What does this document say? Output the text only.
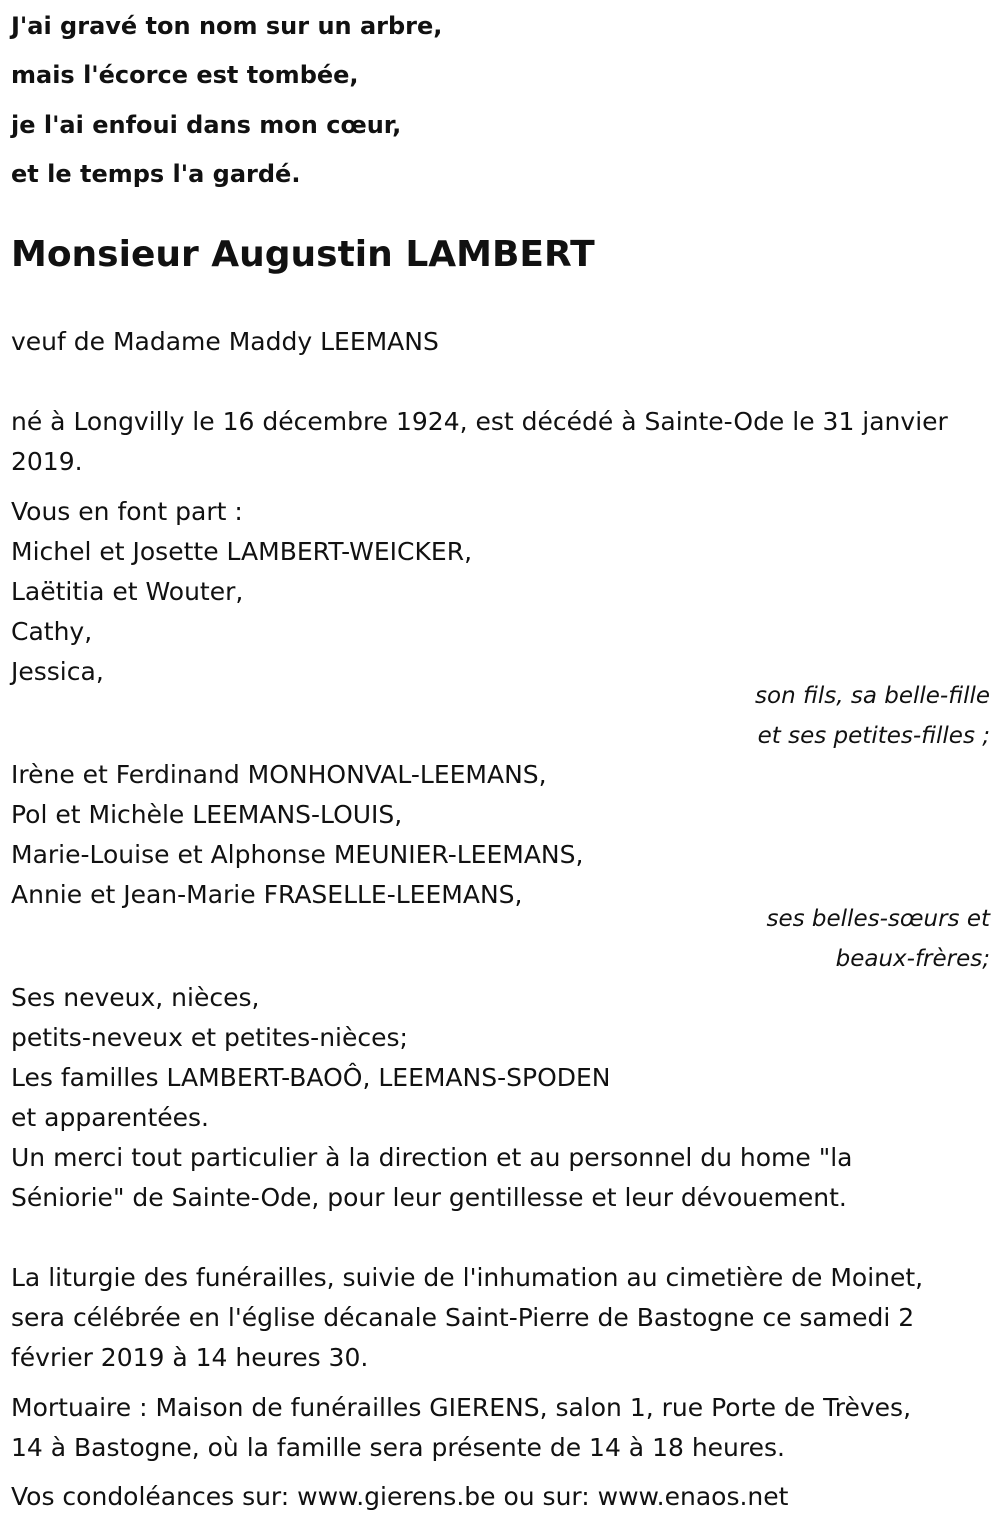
J'ai gravé ton nom sur un arbre,
mais l'écorce est tombée,
je l'ai enfoui dans mon cœur,
et le temps l'a gardé.
Monsieur Augustin LAMBERT
veuf de Madame Maddy LEEMANS
né à Longvilly le 16 décembre 1924, est décédé à Sainte-Ode le 31 janvier
2019.
Vous en font part :
Michel et Josette LAMBERT-WEICKER,
Laëtitia et Wouter,
Cathy,
Jessica,
son fils, sa belle-fille
et ses petites-filles ;
Irène et Ferdinand MONHONVAL-LEEMANS,
Pol et Michèle LEEMANS-LOUIS,
Marie-Louise et Alphonse MEUNIER-LEEMANS,
Annie et Jean-Marie FRASELLE-LEEMANS,
ses belles-sœurs et
beaux-frères;
Ses neveux, nièces,
petits-neveux et petites-nièces;
Les familles LAMBERT-BAOÔ, LEEMANS-SPODEN
et apparentées.
Un merci tout particulier à la direction et au personnel du home "la
Séniorie" de Sainte-Ode, pour leur gentillesse et leur dévouement.
La liturgie des funérailles, suivie de l'inhumation au cimetière de Moinet,
sera célébrée en l'église décanale Saint-Pierre de Bastogne ce samedi 2
février 2019 à 14 heures 30.
Mortuaire : Maison de funérailles GIERENS, salon 1, rue Porte de Trèves,
14 à Bastogne, où la famille sera présente de 14 à 18 heures.
Vos condoléances sur: www.gierens.be ou sur: www.enaos.net
